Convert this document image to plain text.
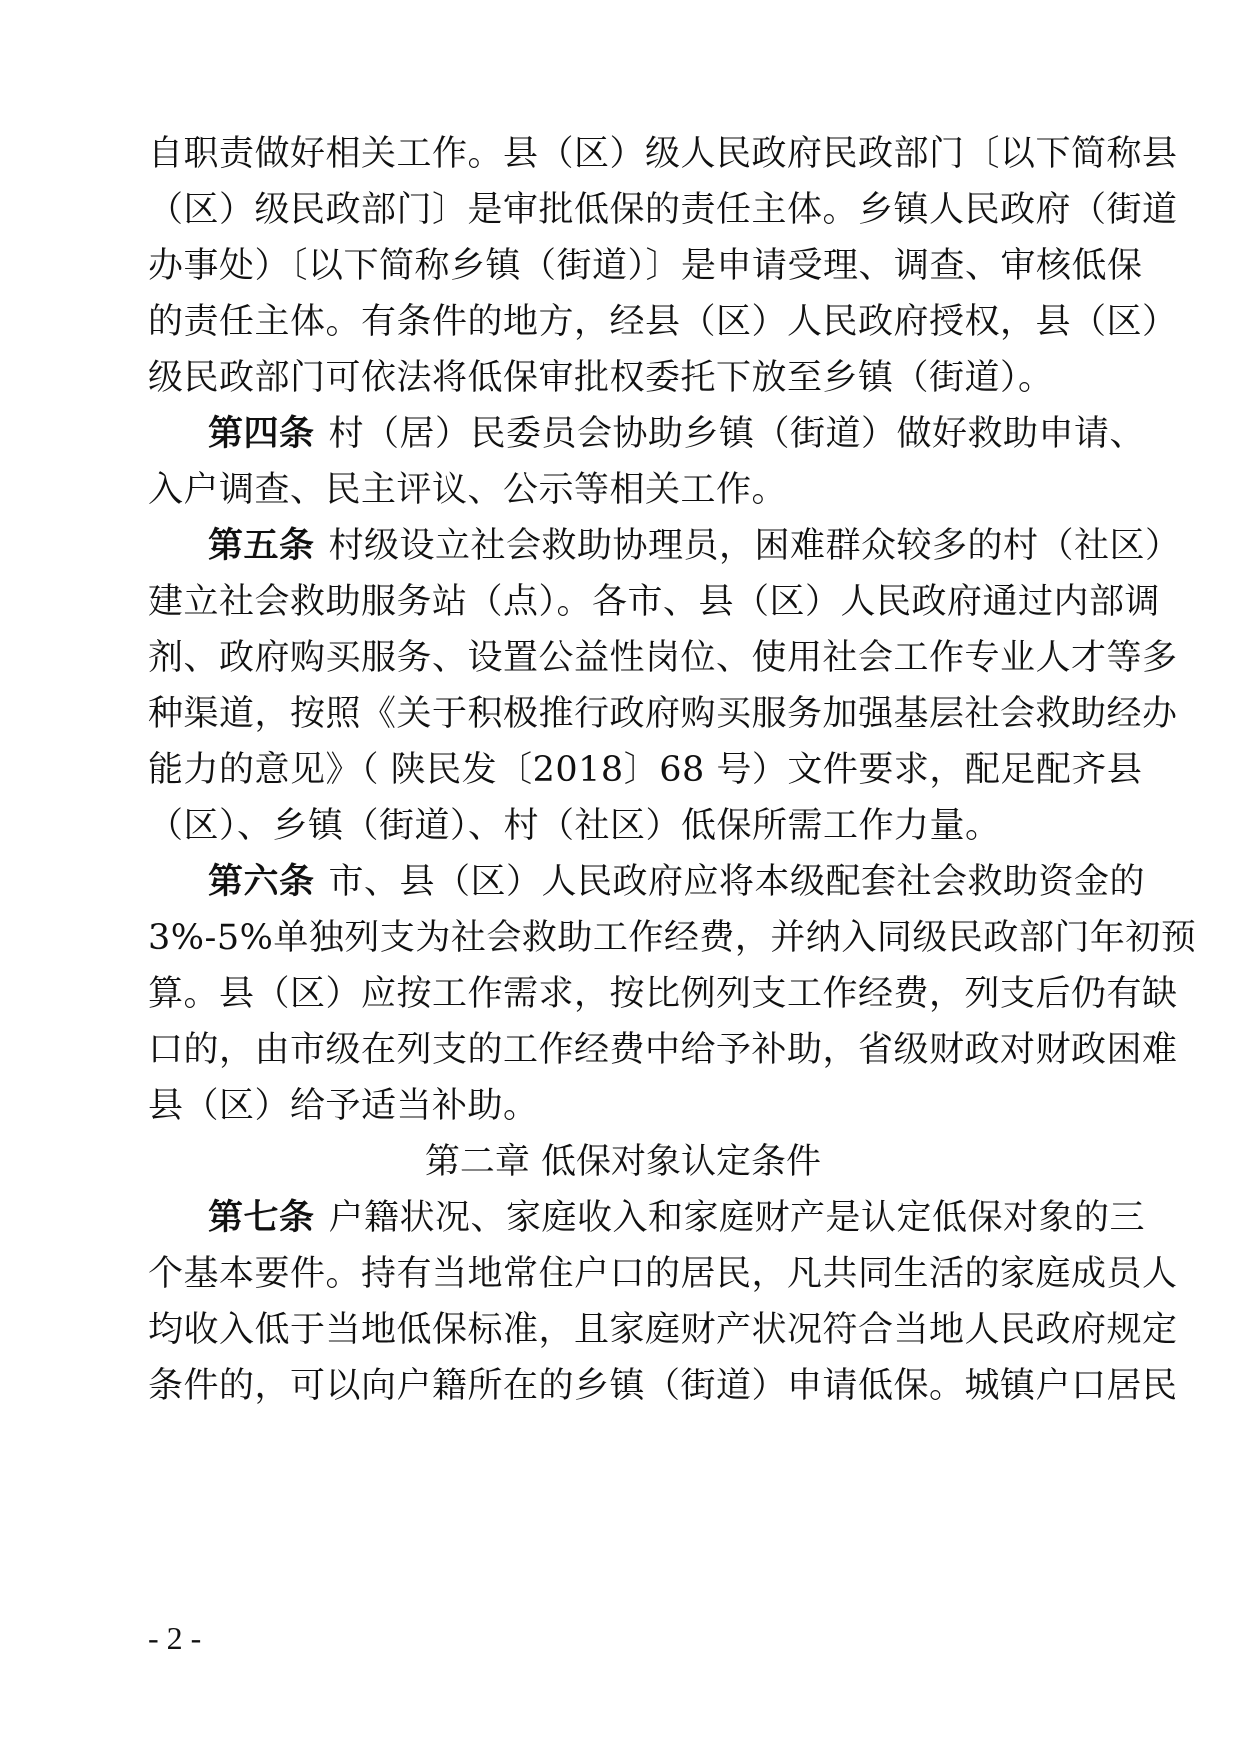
自职责做好相关工作。县（区）级人民政府民政部门〔以下简称县
（区）级民政部门〕是审批低保的责任主体。乡镇人民政府（街道
办事处）〔以下简称乡镇（街道）〕是申请受理、调查、审核低保
的责任主体。有条件的地方，经县（区）人民政府授权，县（区）
级民政部门可依法将低保审批权委托下放至乡镇（街道）。
第四条 村（居）民委员会协助乡镇（街道）做好救助申请、
入户调查、民主评议、公示等相关工作。
第五条 村级设立社会救助协理员，困难群众较多的村（社区）
建立社会救助服务站（点）。各市、县（区）人民政府通过内部调
剂、政府购买服务、设置公益性岗位、使用社会工作专业人才等多
种渠道，按照《关于积极推行政府购买服务加强基层社会救助经办
能力的意见》（ 陕民发〔2018〕68 号）文件要求，配足配齐县
（区）、乡镇（街道）、村（社区）低保所需工作力量。
第六条 市、县（区）人民政府应将本级配套社会救助资金的
3%-5%单独列支为社会救助工作经费，并纳入同级民政部门年初预
算。县（区）应按工作需求，按比例列支工作经费，列支后仍有缺
口的，由市级在列支的工作经费中给予补助，省级财政对财政困难
县（区）给予适当补助。
第二章 低保对象认定条件
第七条 户籍状况、家庭收入和家庭财产是认定低保对象的三
个基本要件。持有当地常住户口的居民，凡共同生活的家庭成员人
均收入低于当地低保标准，且家庭财产状况符合当地人民政府规定
条件的，可以向户籍所在的乡镇（街道）申请低保。城镇户口居民
- 2 -
